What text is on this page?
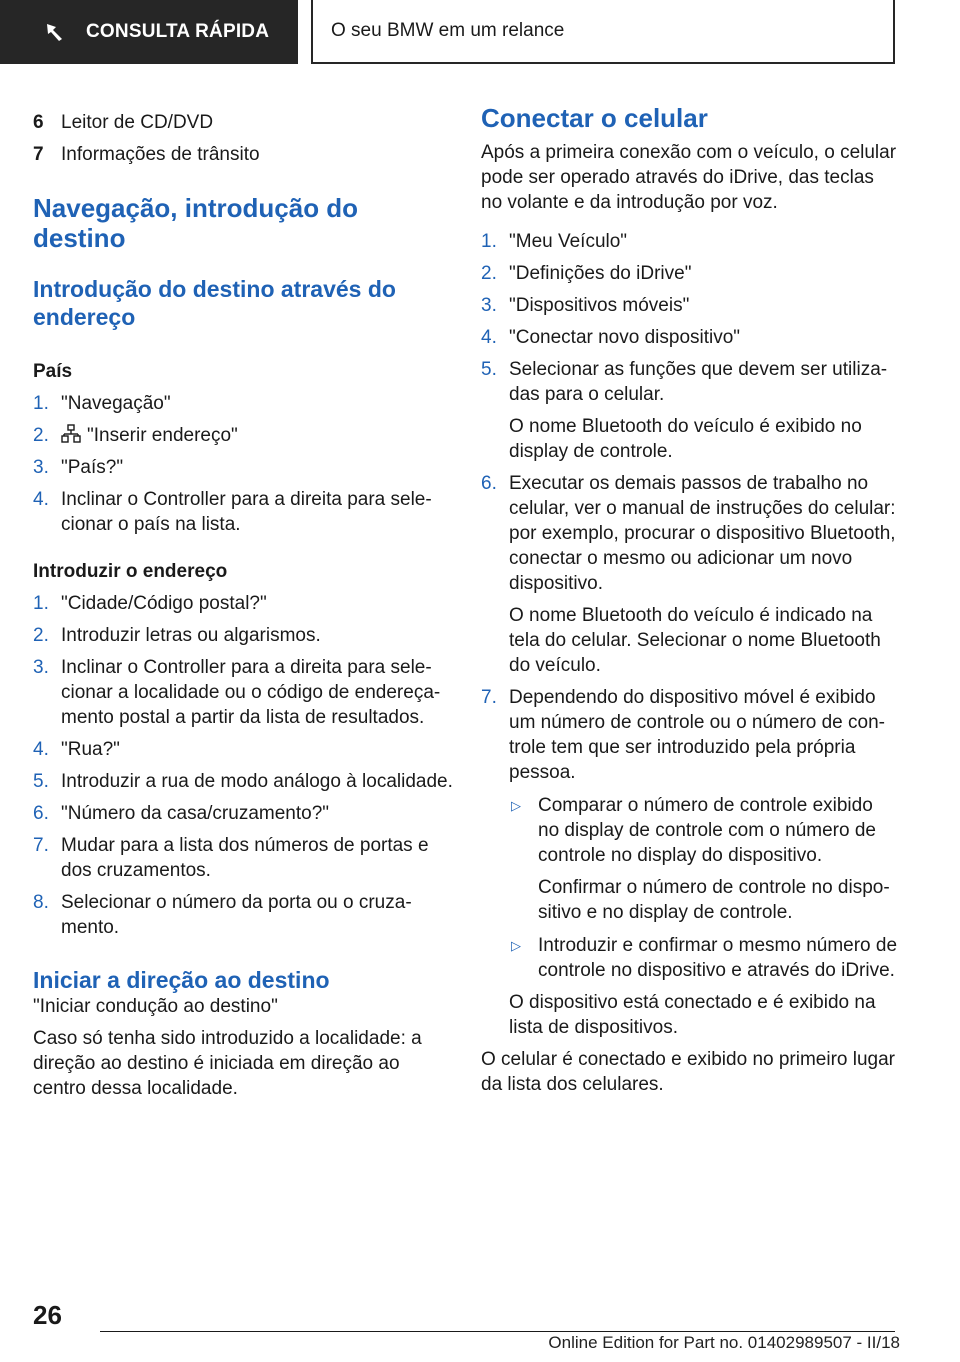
CONSULTA RÁPIDA	O seu BMW em um relance
6 Leitor de CD/DVD
7 Informações de trânsito
Navegação, introdução do destino
Introdução do destino através do endereço
País
1. "Navegação"
2.	"Inserir endereço"
3. "País?"
4. Inclinar o Controller para a direita para selecionar o país na lista.
Introduzir o endereço
1. "Cidade/Código postal?"
2. Introduzir letras ou algarismos.
3. Inclinar o Controller para a direita para selecionar a localidade ou o código de endereçamento postal a partir da lista de resultados.
4. "Rua?"
5. Introduzir a rua de modo análogo à localidade.
6. "Número da casa/cruzamento?"
7. Mudar para a lista dos números de portas e dos cruzamentos.
8. Selecionar o número da porta ou o cruzamento.
Iniciar a direção ao destino
"Iniciar condução ao destino"
Caso só tenha sido introduzido a localidade: a direção ao destino é iniciada em direção ao centro dessa localidade.
Conectar o celular
Após a primeira conexão com o veículo, o celular pode ser operado através do iDrive, das teclas no volante e da introdução por voz.
1. "Meu Veículo"
2. "Definições do iDrive"
3. "Dispositivos móveis"
4. "Conectar novo dispositivo"
5. Selecionar as funções que devem ser utilizadas para o celular.
O nome Bluetooth do veículo é exibido no display de controle.
6. Executar os demais passos de trabalho no celular, ver o manual de instruções do celular: por exemplo, procurar o dispositivo Bluetooth, conectar o mesmo ou adicionar um novo dispositivo.
O nome Bluetooth do veículo é indicado na tela do celular. Selecionar o nome Bluetooth do veículo.
7. Dependendo do dispositivo móvel é exibido um número de controle ou o número de controle tem que ser introduzido pela própria pessoa.
▷ Comparar o número de controle exibido no display de controle com o número de controle no display do dispositivo.
Confirmar o número de controle no dispositivo e no display de controle.
▷ Introduzir e confirmar o mesmo número de controle no dispositivo e através do iDrive.
O dispositivo está conectado e é exibido na lista de dispositivos.
O celular é conectado e exibido no primeiro lugar da lista dos celulares.
26
Online Edition for Part no. 01402989507 - II/18
